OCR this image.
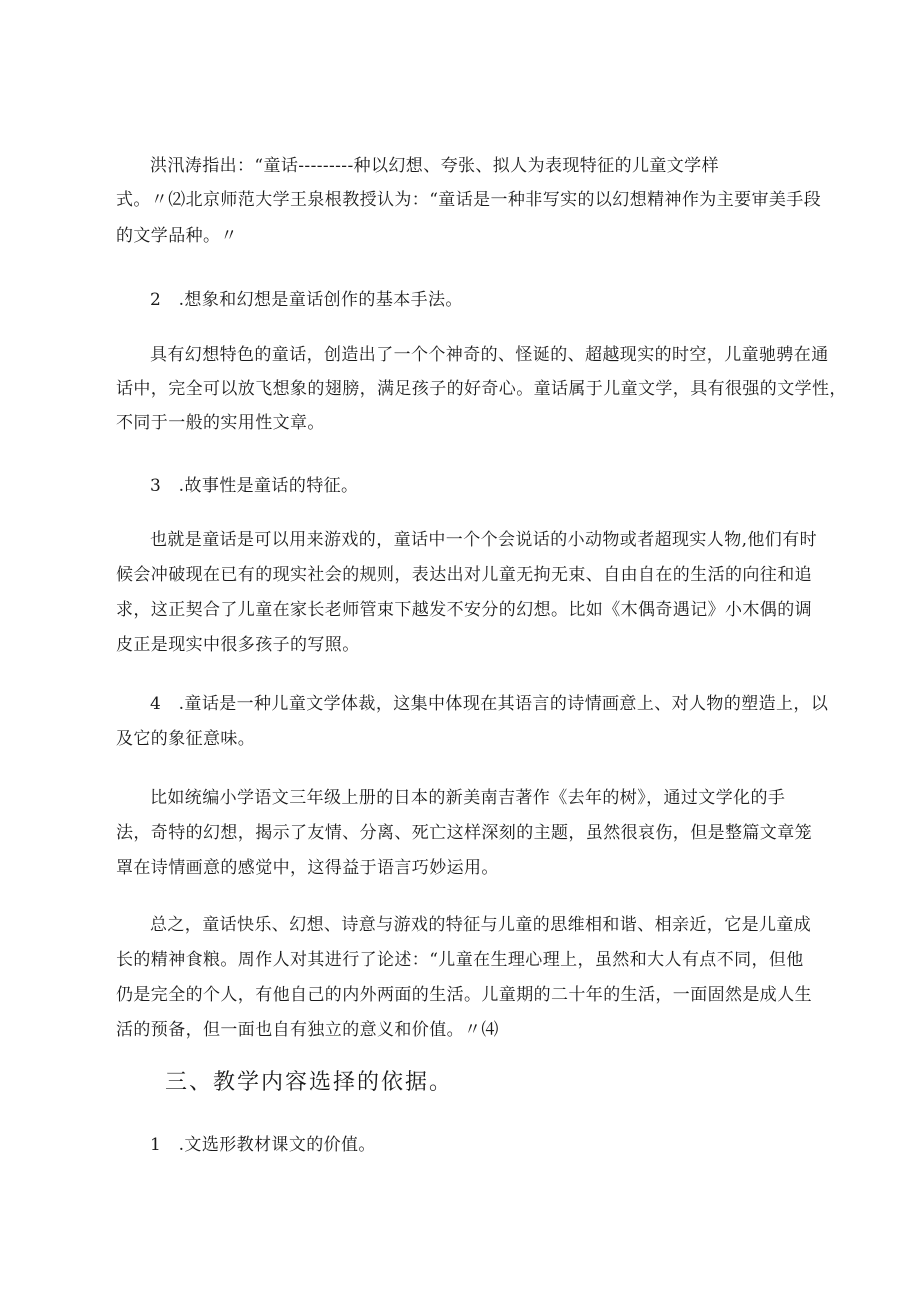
洪汛涛指出：“童话---------种以幻想、夸张、拟人为表现特征的儿童文学样
式。〃⑵北京师范大学王泉根教授认为：“童话是一种非写实的以幻想精神作为主要审美手段
的文学品种。〃
2　.想象和幻想是童话创作的基本手法。
具有幻想特色的童话，创造出了一个个神奇的、怪诞的、超越现实的时空，儿童驰骋在通
话中，完全可以放飞想象的翅膀，满足孩子的好奇心。童话属于儿童文学，具有很强的文学性，
不同于一般的实用性文章。
3　.故事性是童话的特征。
也就是童话是可以用来游戏的，童话中一个个会说话的小动物或者超现实人物,他们有时
候会冲破现在已有的现实社会的规则，表达出对儿童无拘无束、自由自在的生活的向往和追
求，这正契合了儿童在家长老师管束下越发不安分的幻想。比如《木偶奇遇记》小木偶的调
皮正是现实中很多孩子的写照。
4　.童话是一种儿童文学体裁，这集中体现在其语言的诗情画意上、对人物的塑造上，以
及它的象征意味。
比如统编小学语文三年级上册的日本的新美南吉著作《去年的树》，通过文学化的手
法，奇特的幻想，揭示了友情、分离、死亡这样深刻的主题，虽然很哀伤，但是整篇文章笼
罩在诗情画意的感觉中，这得益于语言巧妙运用。
总之，童话快乐、幻想、诗意与游戏的特征与儿童的思维相和谐、相亲近，它是儿童成
长的精神食粮。周作人对其进行了论述：“儿童在生理心理上，虽然和大人有点不同，但他
仍是完全的个人，有他自己的内外两面的生活。儿童期的二十年的生活，一面固然是成人生
活的预备，但一面也自有独立的意义和价值。〃⑷
三、教学内容选择的依据。
1　.文选形教材课文的价值。
